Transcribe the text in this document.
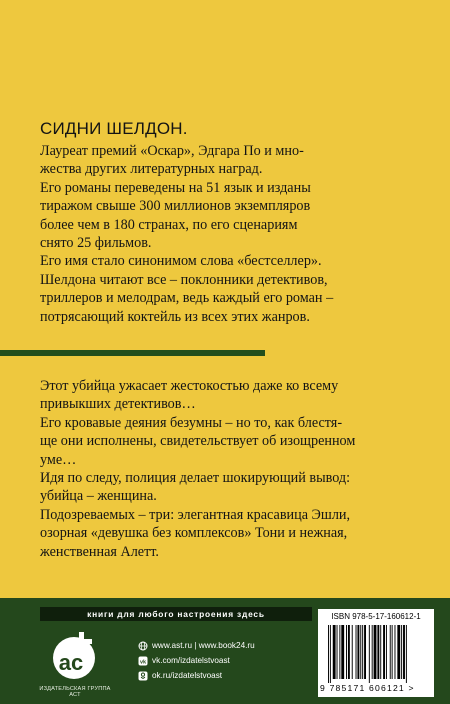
СИДНИ ШЕЛДОН.

Лауреат премий «Оскар», Эдгара По и мно-

жества других литературных наград.

Его романы переведены на 51 язык и изданы

тиражом свыше 300 миллионов экземпляров

более чем в 180 странах, по его сценариям

снято 25 фильмов.

Его имя стало синонимом слова «бестселлер».

Шелдона читают все – поклонники детективов,

триллеров и мелодрам, ведь каждый его роман –

потрясающий коктейль из всех этих жанров.

Этот убийца ужасает жестокостью даже ко всему

привыкших детективов…

Его кровавые деяния безумны – но то, как блестя-

ще они исполнены, свидетельствует об изощренном

уме…

Идя по следу, полиция делает шокирующий вывод:

убийца – женщина.

Подозреваемых – три: элегантная красавица Эшли,

озорная «девушка без комплексов» Тони и нежная,

женственная Алетт.

книги для любого настроения здесь
ас
ИЗДАТЕЛЬСКАЯ ГРУППА АСТ
www.ast.ru | www.book24.ru
vk vk.com/izdatelstvoast
ok.ru/izdatelstvoast
ISBN 978-5-17-160612-1
9 785171 606121 >
